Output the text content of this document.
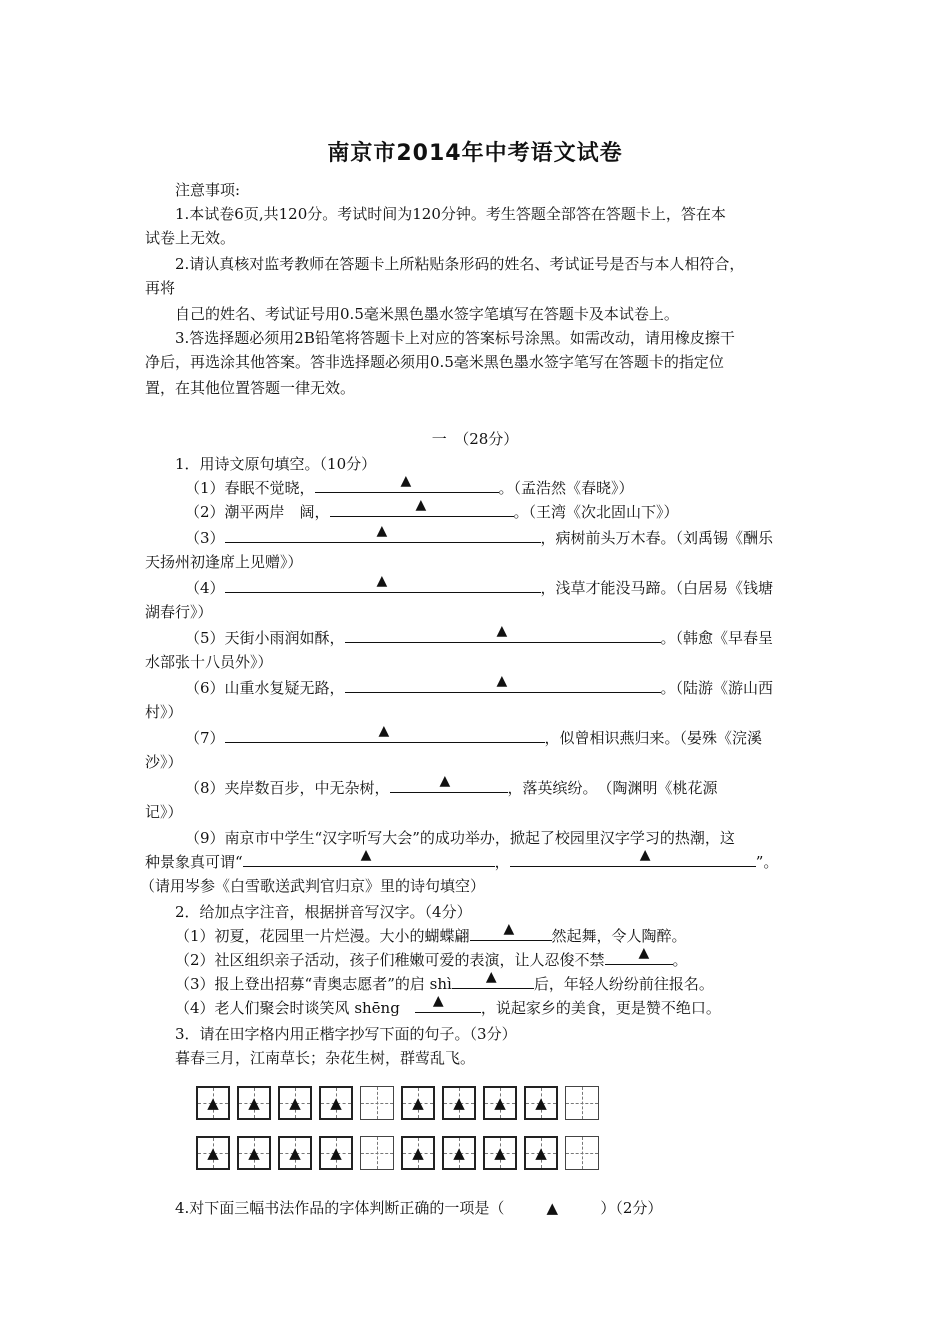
南京市2014年中考语文试卷
注意事项:
1.本试卷6页,共120分。考试时间为120分钟。考生答题全部答在答题卡上，答在本
试卷上无效。
2.请认真核对监考教师在答题卡上所粘贴条形码的姓名、考试证号是否与本人相符合，
再将
自己的姓名、考试证号用0.5毫米黑色墨水签字笔填写在答题卡及本试卷上。
3.答选择题必须用2B铅笔将答题卡上对应的答案标号涂黑。如需改动，请用橡皮擦干
净后，再选涂其他答案。答非选择题必须用0.5毫米黑色墨水签字笔写在答题卡的指定位
置，在其他位置答题一律无效。
一　（28分）
1．用诗文原句填空。（10分）
（1）春眠不觉晓，	▲	。（孟浩然《春晓》）
（2）潮平两岸　阔，	▲	。（王湾《次北固山下》）
（3）	▲	，病树前头万木春。（刘禹锡《酬乐
天扬州初逢席上见赠》）
（4）	▲	，浅草才能没马蹄。（白居易《钱塘
湖春行》）
（5）天街小雨润如酥，	▲	。（韩愈《早春呈
水部张十八员外》）
（6）山重水复疑无路，	▲	。（陆游《游山西
村》）
（7）	▲	，似曾相识燕归来。（晏殊《浣溪
沙》）
（8）夹岸数百步，中无杂树，	▲	，落英缤纷。　（陶渊明《桃花源
记》）
（9）南京市中学生“汉字听写大会”的成功举办，掀起了校园里汉字学习的热潮，这
种景象真可谓“	▲	，	▲	”。
（请用岑参《白雪歌送武判官归京》里的诗句填空）
2．给加点字注音，根据拼音写汉字。（4分）
（1）初夏，花园里一片烂漫。大小的蝴蝶翩 ▲ 然起舞，令人陶醉。
（2）社区组织亲子活动，孩子们稚嫩可爱的表演，让人忍俊不禁 ▲ 。
（3）报上登出招募“青奥志愿者”的启 shì ▲ 后，年轻人纷纷前往报名。
（4）老人们聚会时谈笑风 shēng　 ▲ ，说起家乡的美食，更是赞不绝口。
3．请在田字格内用正楷字抄写下面的句子。（3分）
暮春三月，江南草长；杂花生树，群莺乱飞。
▲	▲	▲	▲	▲	▲	▲	▲
▲	▲	▲	▲	▲	▲	▲	▲
4.对下面三幅书法作品的字体判断正确的一项是（	▲	）（2分）
